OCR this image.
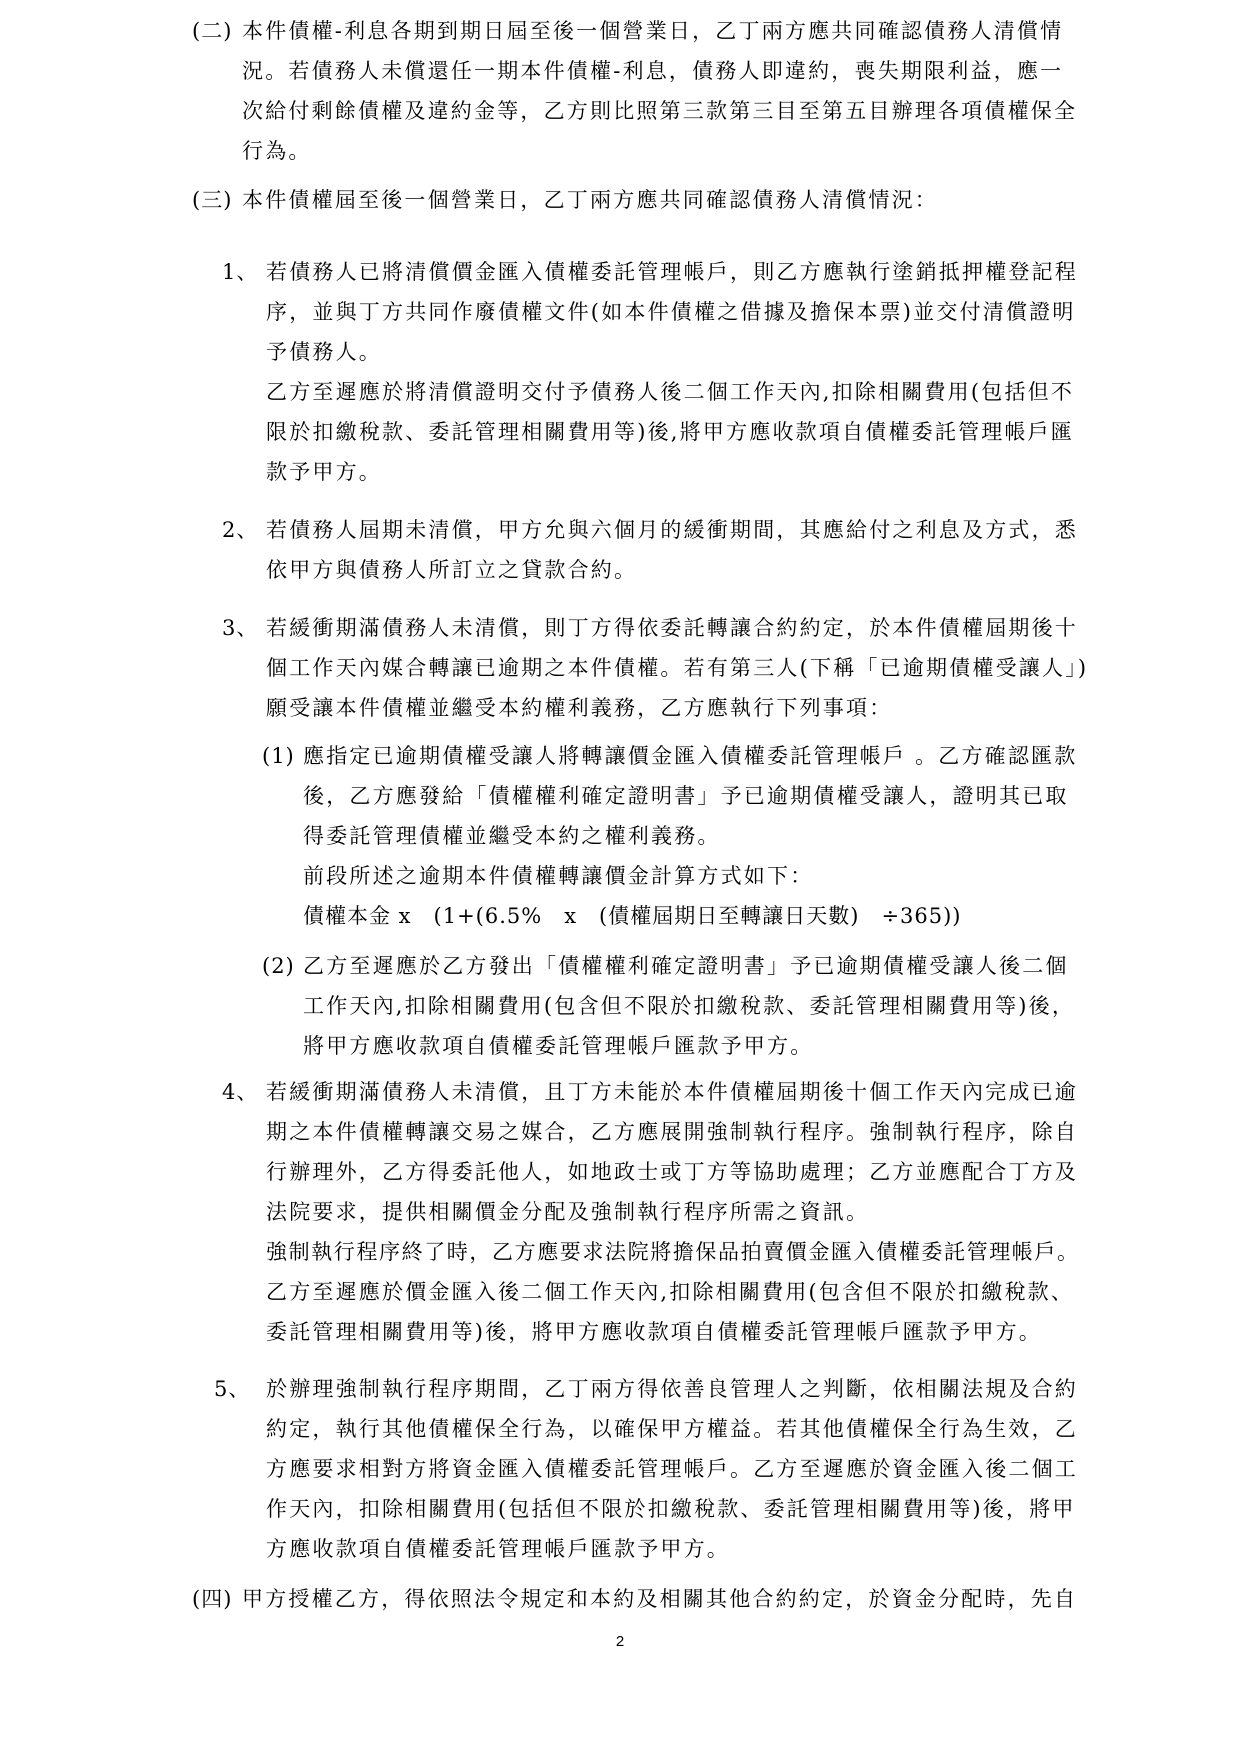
(二) 本件債權-利息各期到期日屆至後一個營業日，乙丁兩方應共同確認債務人清償情
況。若債務人未償還任一期本件債權-利息，債務人即違約，喪失期限利益，應一
次給付剩餘債權及違約金等，乙方則比照第三款第三目至第五目辦理各項債權保全
行為。
(三) 本件債權屆至後一個營業日，乙丁兩方應共同確認債務人清償情況：
1、 若債務人已將清償價金匯入債權委託管理帳戶，則乙方應執行塗銷抵押權登記程
序，並與丁方共同作廢債權文件(如本件債權之借據及擔保本票)並交付清償證明
予債務人。
乙方至遲應於將清償證明交付予債務人後二個工作天內,扣除相關費用(包括但不
限於扣繳稅款、委託管理相關費用等)後,將甲方應收款項自債權委託管理帳戶匯
款予甲方。
2、 若債務人屆期未清償，甲方允與六個月的緩衝期間，其應給付之利息及方式，悉
依甲方與債務人所訂立之貸款合約。
3、 若緩衝期滿債務人未清償，則丁方得依委託轉讓合約約定，於本件債權屆期後十
個工作天內媒合轉讓已逾期之本件債權。若有第三人(下稱「已逾期債權受讓人」)
願受讓本件債權並繼受本約權利義務，乙方應執行下列事項：
(1) 應指定已逾期債權受讓人將轉讓價金匯入債權委託管理帳戶 。乙方確認匯款
後，乙方應發給「債權權利確定證明書」予已逾期債權受讓人，證明其已取
得委託管理債權並繼受本約之權利義務。
前段所述之逾期本件債權轉讓價金計算方式如下：
債權本金 x　(1+(6.5%　x　(債權屆期日至轉讓日天數)　÷365))
(2) 乙方至遲應於乙方發出「債權權利確定證明書」予已逾期債權受讓人後二個
工作天內,扣除相關費用(包含但不限於扣繳稅款、委託管理相關費用等)後，
將甲方應收款項自債權委託管理帳戶匯款予甲方。
4、 若緩衝期滿債務人未清償，且丁方未能於本件債權屆期後十個工作天內完成已逾
期之本件債權轉讓交易之媒合，乙方應展開強制執行程序。強制執行程序，除自
行辦理外，乙方得委託他人，如地政士或丁方等協助處理；乙方並應配合丁方及
法院要求，提供相關價金分配及強制執行程序所需之資訊。
強制執行程序終了時，乙方應要求法院將擔保品拍賣價金匯入債權委託管理帳戶。
乙方至遲應於價金匯入後二個工作天內,扣除相關費用(包含但不限於扣繳稅款、
委託管理相關費用等)後，將甲方應收款項自債權委託管理帳戶匯款予甲方。
5、 於辦理強制執行程序期間，乙丁兩方得依善良管理人之判斷，依相關法規及合約
約定，執行其他債權保全行為，以確保甲方權益。若其他債權保全行為生效，乙
方應要求相對方將資金匯入債權委託管理帳戶。乙方至遲應於資金匯入後二個工
作天內，扣除相關費用(包括但不限於扣繳稅款、委託管理相關費用等)後，將甲
方應收款項自債權委託管理帳戶匯款予甲方。
(四) 甲方授權乙方，得依照法令規定和本約及相關其他合約約定，於資金分配時，先自
2
